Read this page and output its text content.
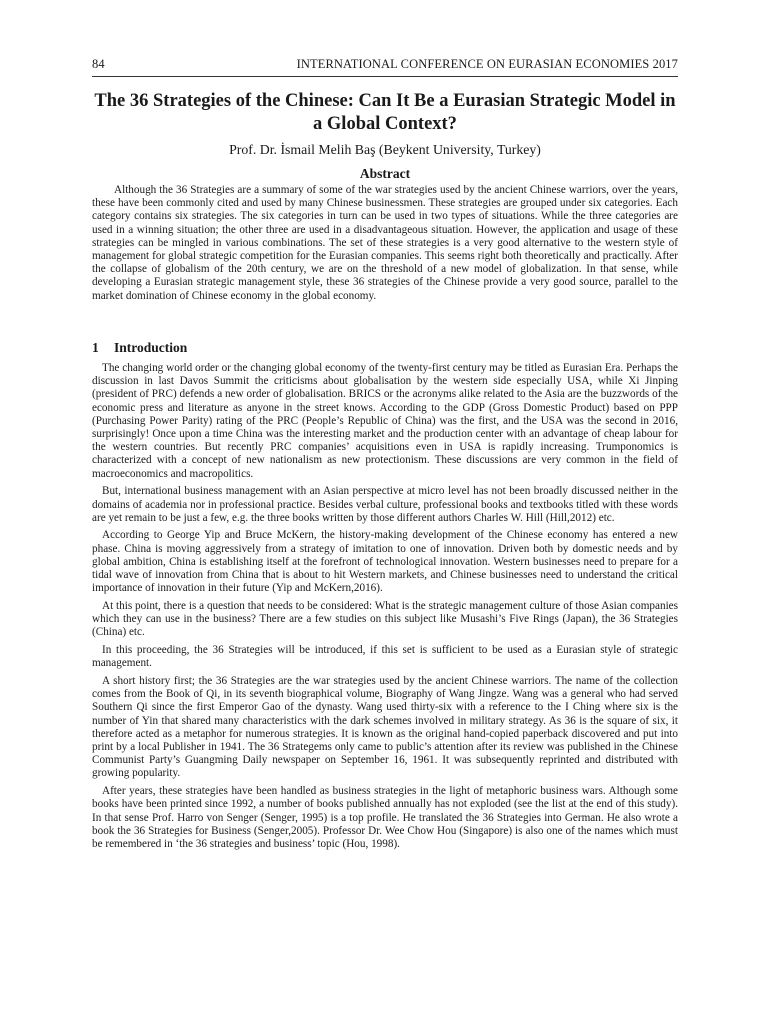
84	INTERNATIONAL CONFERENCE ON EURASIAN ECONOMIES 2017
The 36 Strategies of the Chinese: Can It Be a Eurasian Strategic Model in a Global Context?
Prof. Dr. İsmail Melih Baş (Beykent University, Turkey)
Abstract

Although the 36 Strategies are a summary of some of the war strategies used by the ancient Chinese warriors, over the years, these have been commonly cited and used by many Chinese businessmen. These strategies are grouped under six categories. Each category contains six strategies. The six categories in turn can be used in two types of situations. While the three categories are used in a winning situation; the other three are used in a disadvantageous situation. However, the application and usage of these strategies can be mingled in various combinations. The set of these strategies is a very good alternative to the western style of management for global strategic competition for the Eurasian companies. This seems right both theoretically and practically. After the collapse of globalism of the 20th century, we are on the threshold of a new model of globalization. In that sense, while developing a Eurasian strategic management style, these 36 strategies of the Chinese provide a very good source, parallel to the market domination of Chinese economy in the global economy.

1 Introduction

The changing world order or the changing global economy of the twenty-first century may be titled as Eurasian Era. Perhaps the discussion in last Davos Summit the criticisms about globalisation by the western side especially USA, while Xi Jinping (president of PRC) defends a new order of globalisation. BRICS or the acronyms alike related to the Asia are the buzzwords of the economic press and literature as anyone in the street knows. According to the GDP (Gross Domestic Product) based on PPP (Purchasing Power Parity) rating of the PRC (People’s Republic of China) was the first, and the USA was the second in 2016, surprisingly! Once upon a time China was the interesting market and the production center with an advantage of cheap labour for the western countries. But recently PRC companies’ acquisitions even in USA is rapidly increasing. Trumponomics is characterized with a concept of new nationalism as new protectionism. These discussions are very common in the field of macroeconomics and macropolitics.

But, international business management with an Asian perspective at micro level has not been broadly discussed neither in the domains of academia nor in professional practice. Besides verbal culture, professional books and textbooks titled with these words are yet remain to be just a few, e.g. the three books written by those different authors Charles W. Hill (Hill,2012) etc.

According to George Yip and Bruce McKern, the history-making development of the Chinese economy has entered a new phase. China is moving aggressively from a strategy of imitation to one of innovation. Driven both by domestic needs and by global ambition, China is establishing itself at the forefront of technological innovation. Western businesses need to prepare for a tidal wave of innovation from China that is about to hit Western markets, and Chinese businesses need to understand the critical importance of innovation in their future (Yip and McKern,2016).

At this point, there is a question that needs to be considered: What is the strategic management culture of those Asian companies which they can use in the business? There are a few studies on this subject like Musashi’s Five Rings (Japan), the 36 Strategies (China) etc.

In this proceeding, the 36 Strategies will be introduced, if this set is sufficient to be used as a Eurasian style of strategic management.

A short history first; the 36 Strategies are the war strategies used by the ancient Chinese warriors. The name of the collection comes from the Book of Qi, in its seventh biographical volume, Biography of Wang Jingze. Wang was a general who had served Southern Qi since the first Emperor Gao of the dynasty. Wang used thirty-six with a reference to the I Ching where six is the number of Yin that shared many characteristics with the dark schemes involved in military strategy. As 36 is the square of six, it therefore acted as a metaphor for numerous strategies. It is known as the original hand-copied paperback discovered and put into print by a local Publisher in 1941. The 36 Strategems only came to public’s attention after its review was published in the Chinese Communist Party’s Guangming Daily newspaper on September 16, 1961. It was subsequently reprinted and distributed with growing popularity.

After years, these strategies have been handled as business strategies in the light of metaphoric business wars. Although some books have been printed since 1992, a number of books published annually has not exploded (see the list at the end of this study). In that sense Prof. Harro von Senger (Senger, 1995) is a top profile. He translated the 36 Strategies into German. He also wrote a book the 36 Strategies for Business (Senger,2005). Professor Dr. Wee Chow Hou (Singapore) is also one of the names which must be remembered in ‘the 36 strategies and business’ topic (Hou, 1998).
